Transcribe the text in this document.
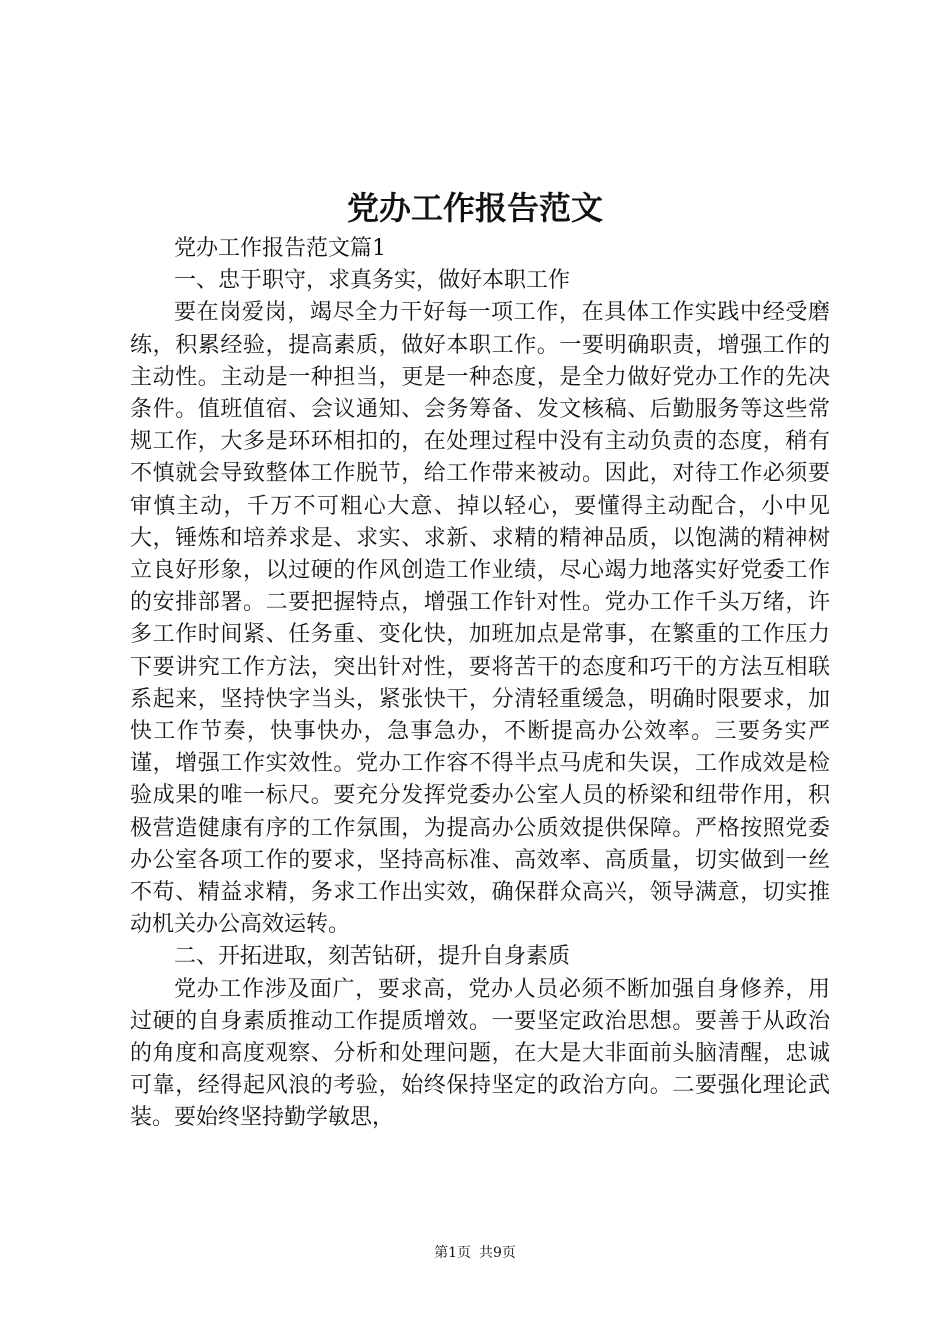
党办工作报告范文

党办工作报告范文篇1

一、忠于职守，求真务实，做好本职工作

要在岗爱岗，竭尽全力干好每一项工作，在具体工作实践中经受磨练，积累经验，提高素质，做好本职工作。一要明确职责，增强工作的主动性。主动是一种担当，更是一种态度，是全力做好党办工作的先决条件。值班值宿、会议通知、会务筹备、发文核稿、后勤服务等这些常规工作，大多是环环相扣的，在处理过程中没有主动负责的态度，稍有不慎就会导致整体工作脱节，给工作带来被动。因此，对待工作必须要审慎主动，千万不可粗心大意、掉以轻心，要懂得主动配合，小中见大，锤炼和培养求是、求实、求新、求精的精神品质，以饱满的精神树立良好形象，以过硬的作风创造工作业绩，尽心竭力地落实好党委工作的安排部署。二要把握特点，增强工作针对性。党办工作千头万绪，许多工作时间紧、任务重、变化快，加班加点是常事，在繁重的工作压力下要讲究工作方法，突出针对性，要将苦干的态度和巧干的方法互相联系起来，坚持快字当头，紧张快干，分清轻重缓急，明确时限要求，加快工作节奏，快事快办，急事急办，不断提高办公效率。三要务实严谨，增强工作实效性。党办工作容不得半点马虎和失误，工作成效是检验成果的唯一标尺。要充分发挥党委办公室人员的桥梁和纽带作用，积极营造健康有序的工作氛围，为提高办公质效提供保障。严格按照党委办公室各项工作的要求，坚持高标准、高效率、高质量，切实做到一丝不苟、精益求精，务求工作出实效，确保群众高兴，领导满意，切实推动机关办公高效运转。

二、开拓进取，刻苦钻研，提升自身素质

党办工作涉及面广，要求高，党办人员必须不断加强自身修养，用过硬的自身素质推动工作提质增效。一要坚定政治思想。要善于从政治的角度和高度观察、分析和处理问题，在大是大非面前头脑清醒，忠诚可靠，经得起风浪的考验，始终保持坚定的政治方向。二要强化理论武装。要始终坚持勤学敏思，

第1页 共9页
